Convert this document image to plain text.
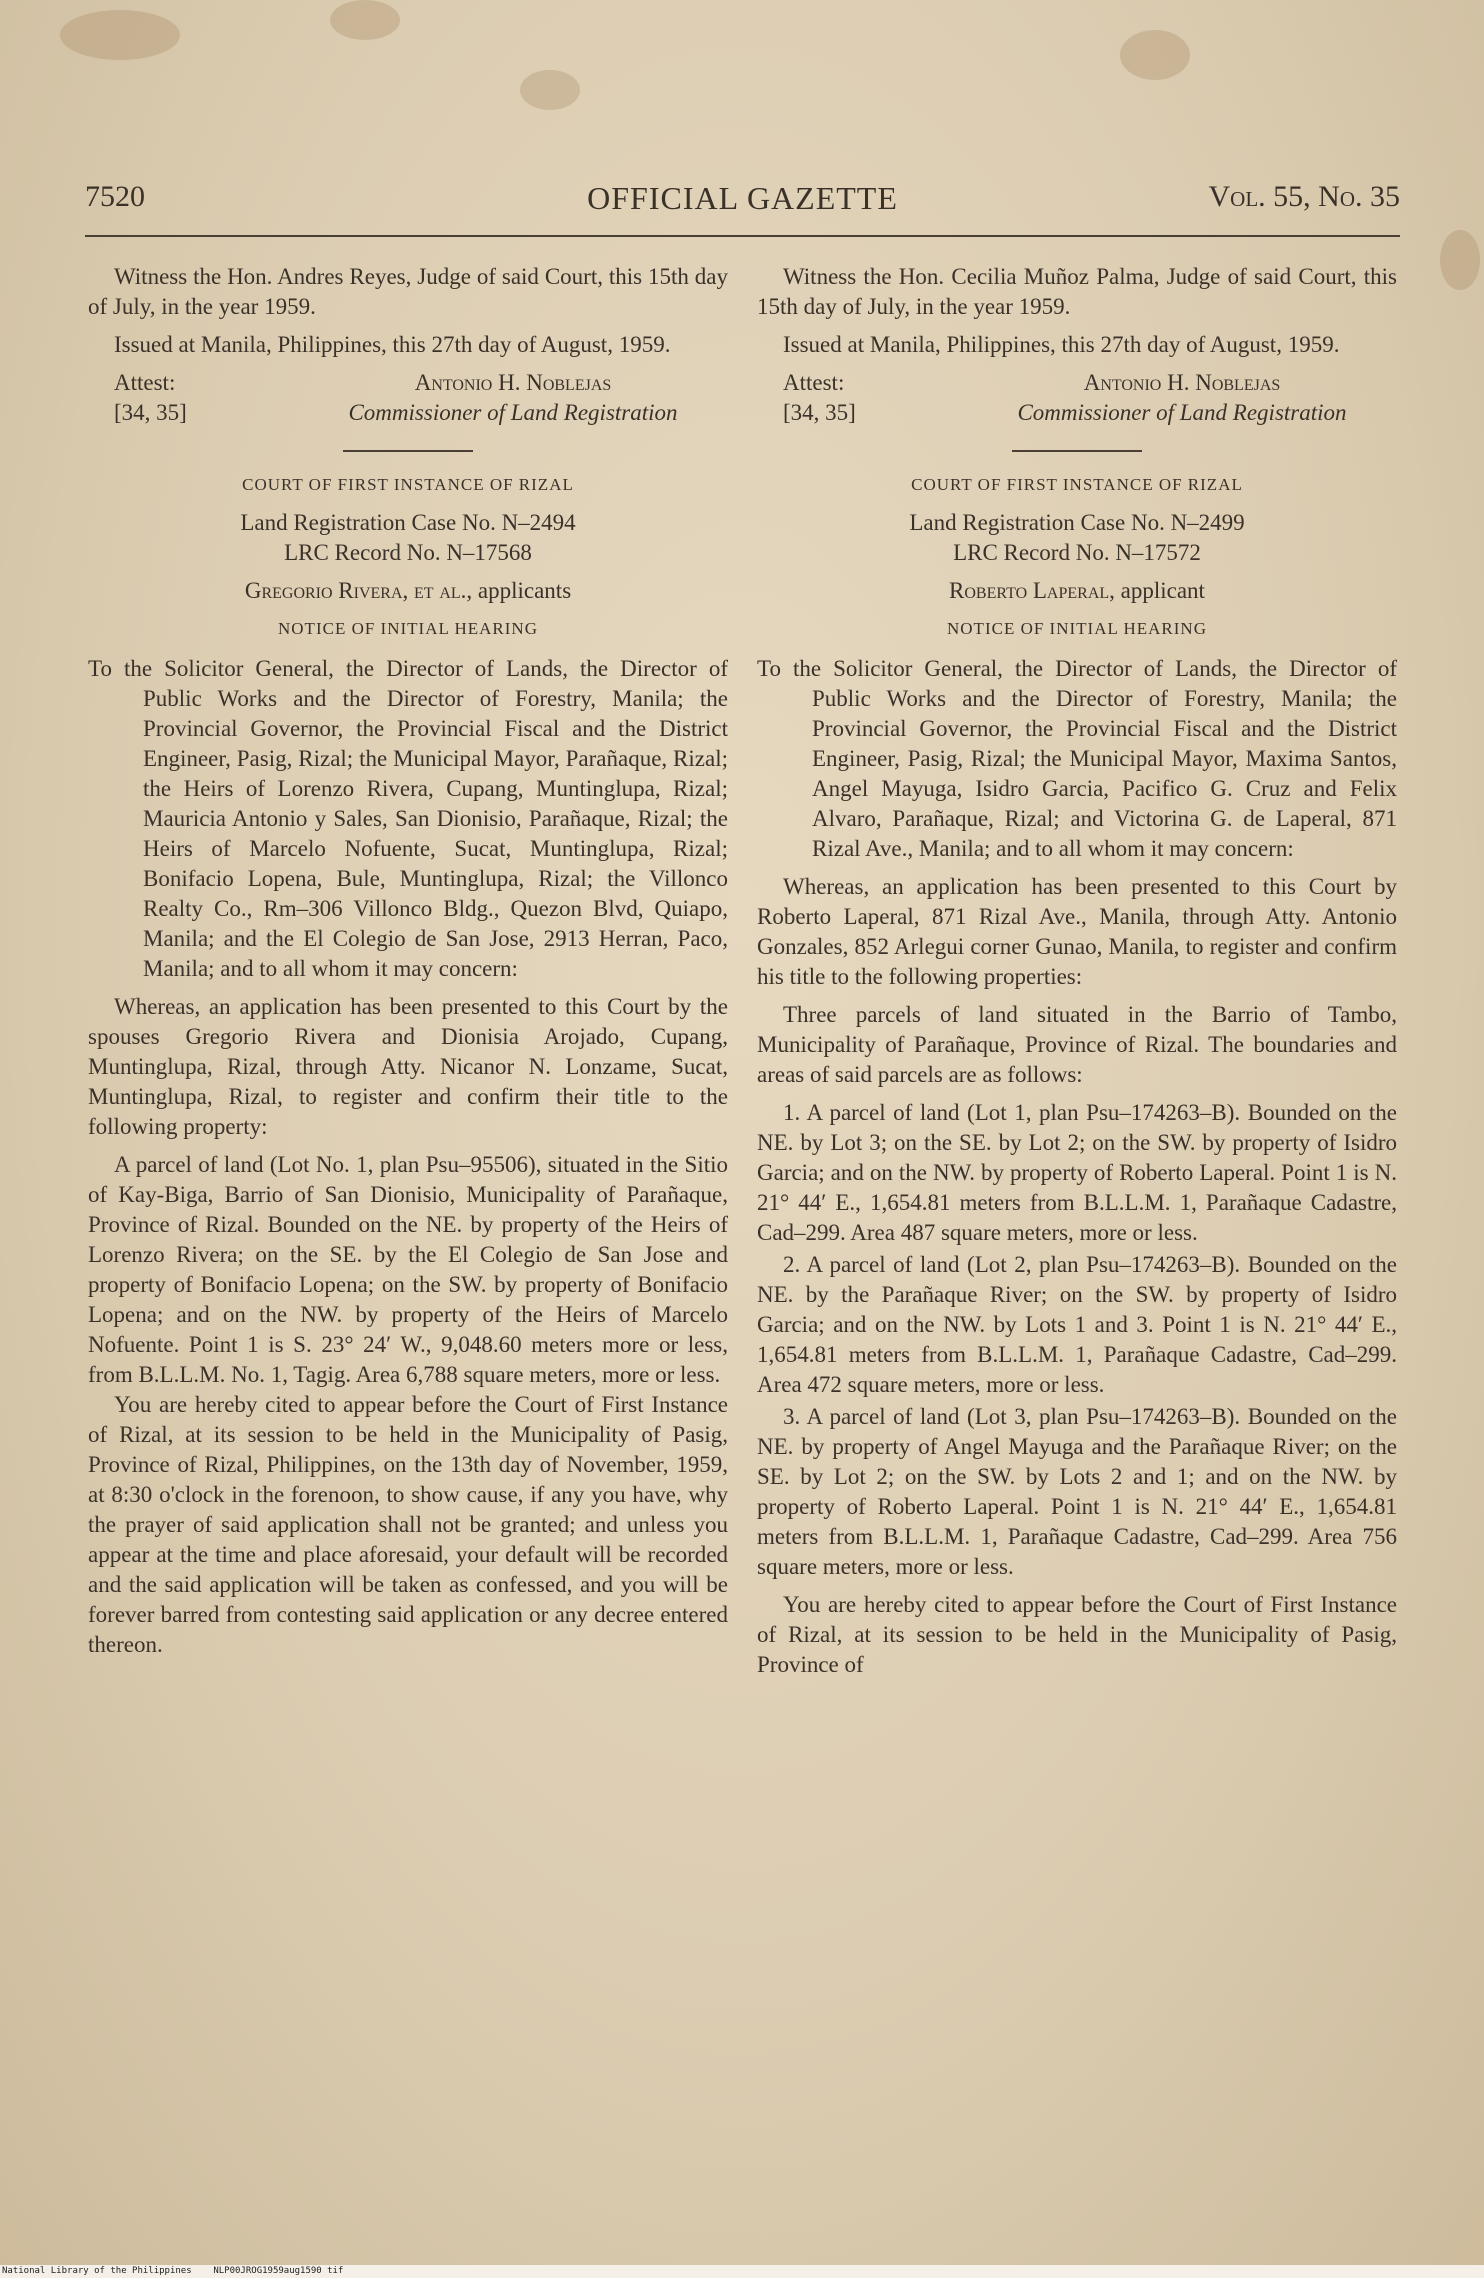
7520	OFFICIAL GAZETTE	Vol. 55, No. 35

Witness the Hon. Andres Reyes, Judge of said Court, this 15th day of July, in the year 1959.

Issued at Manila, Philippines, this 27th day of August, 1959.

Attest:
[34, 35]
Antonio H. Noblejas
Commissioner of Land Registration
COURT OF FIRST INSTANCE OF RIZAL
Land Registration Case No. N–2494
LRC Record No. N–17568
Gregorio Rivera, et al., applicants
NOTICE OF INITIAL HEARING

To the Solicitor General, the Director of Lands, the Director of Public Works and the Director of Forestry, Manila; the Provincial Governor, the Provincial Fiscal and the District Engineer, Pasig, Rizal; the Municipal Mayor, Parañaque, Rizal; the Heirs of Lorenzo Rivera, Cupang, Muntinglupa, Rizal; Mauricia Antonio y Sales, San Dionisio, Parañaque, Rizal; the Heirs of Marcelo Nofuente, Sucat, Muntinglupa, Rizal; Bonifacio Lopena, Bule, Muntinglupa, Rizal; the Villonco Realty Co., Rm–306 Villonco Bldg., Quezon Blvd, Quiapo, Manila; and the El Colegio de San Jose, 2913 Herran, Paco, Manila; and to all whom it may concern:

Whereas, an application has been presented to this Court by the spouses Gregorio Rivera and Dionisia Arojado, Cupang, Muntinglupa, Rizal, through Atty. Nicanor N. Lonzame, Sucat, Muntinglupa, Rizal, to register and confirm their title to the following property:

A parcel of land (Lot No. 1, plan Psu–95506), situated in the Sitio of Kay-Biga, Barrio of San Dionisio, Municipality of Parañaque, Province of Rizal. Bounded on the NE. by property of the Heirs of Lorenzo Rivera; on the SE. by the El Colegio de San Jose and property of Bonifacio Lopena; on the SW. by property of Bonifacio Lopena; and on the NW. by property of the Heirs of Marcelo Nofuente. Point 1 is S. 23° 24′ W., 9,048.60 meters more or less, from B.L.L.M. No. 1, Tagig. Area 6,788 square meters, more or less.

You are hereby cited to appear before the Court of First Instance of Rizal, at its session to be held in the Municipality of Pasig, Province of Rizal, Philippines, on the 13th day of November, 1959, at 8:30 o'clock in the forenoon, to show cause, if any you have, why the prayer of said application shall not be granted; and unless you appear at the time and place aforesaid, your default will be recorded and the said application will be taken as confessed, and you will be forever barred from contesting said application or any decree entered thereon.

Witness the Hon. Cecilia Muñoz Palma, Judge of said Court, this 15th day of July, in the year 1959.

Issued at Manila, Philippines, this 27th day of August, 1959.

Attest:
[34, 35]
Antonio H. Noblejas
Commissioner of Land Registration
COURT OF FIRST INSTANCE OF RIZAL
Land Registration Case No. N–2499
LRC Record No. N–17572
Roberto Laperal, applicant
NOTICE OF INITIAL HEARING

To the Solicitor General, the Director of Lands, the Director of Public Works and the Director of Forestry, Manila; the Provincial Governor, the Provincial Fiscal and the District Engineer, Pasig, Rizal; the Municipal Mayor, Maxima Santos, Angel Mayuga, Isidro Garcia, Pacifico G. Cruz and Felix Alvaro, Parañaque, Rizal; and Victorina G. de Laperal, 871 Rizal Ave., Manila; and to all whom it may concern:

Whereas, an application has been presented to this Court by Roberto Laperal, 871 Rizal Ave., Manila, through Atty. Antonio Gonzales, 852 Arlegui corner Gunao, Manila, to register and confirm his title to the following properties:

Three parcels of land situated in the Barrio of Tambo, Municipality of Parañaque, Province of Rizal. The boundaries and areas of said parcels are as follows:

1. A parcel of land (Lot 1, plan Psu–174263–B). Bounded on the NE. by Lot 3; on the SE. by Lot 2; on the SW. by property of Isidro Garcia; and on the NW. by property of Roberto Laperal. Point 1 is N. 21° 44′ E., 1,654.81 meters from B.L.L.M. 1, Parañaque Cadastre, Cad–299. Area 487 square meters, more or less.

2. A parcel of land (Lot 2, plan Psu–174263–B). Bounded on the NE. by the Parañaque River; on the SW. by property of Isidro Garcia; and on the NW. by Lots 1 and 3. Point 1 is N. 21° 44′ E., 1,654.81 meters from B.L.L.M. 1, Parañaque Cadastre, Cad–299. Area 472 square meters, more or less.

3. A parcel of land (Lot 3, plan Psu–174263–B). Bounded on the NE. by property of Angel Mayuga and the Parañaque River; on the SE. by Lot 2; on the SW. by Lots 2 and 1; and on the NW. by property of Roberto Laperal. Point 1 is N. 21° 44′ E., 1,654.81 meters from B.L.L.M. 1, Parañaque Cadastre, Cad–299. Area 756 square meters, more or less.

You are hereby cited to appear before the Court of First Instance of Rizal, at its session to be held in the Municipality of Pasig, Province of

National Library of the Philippines NLP00JROG1959aug1590 tif
